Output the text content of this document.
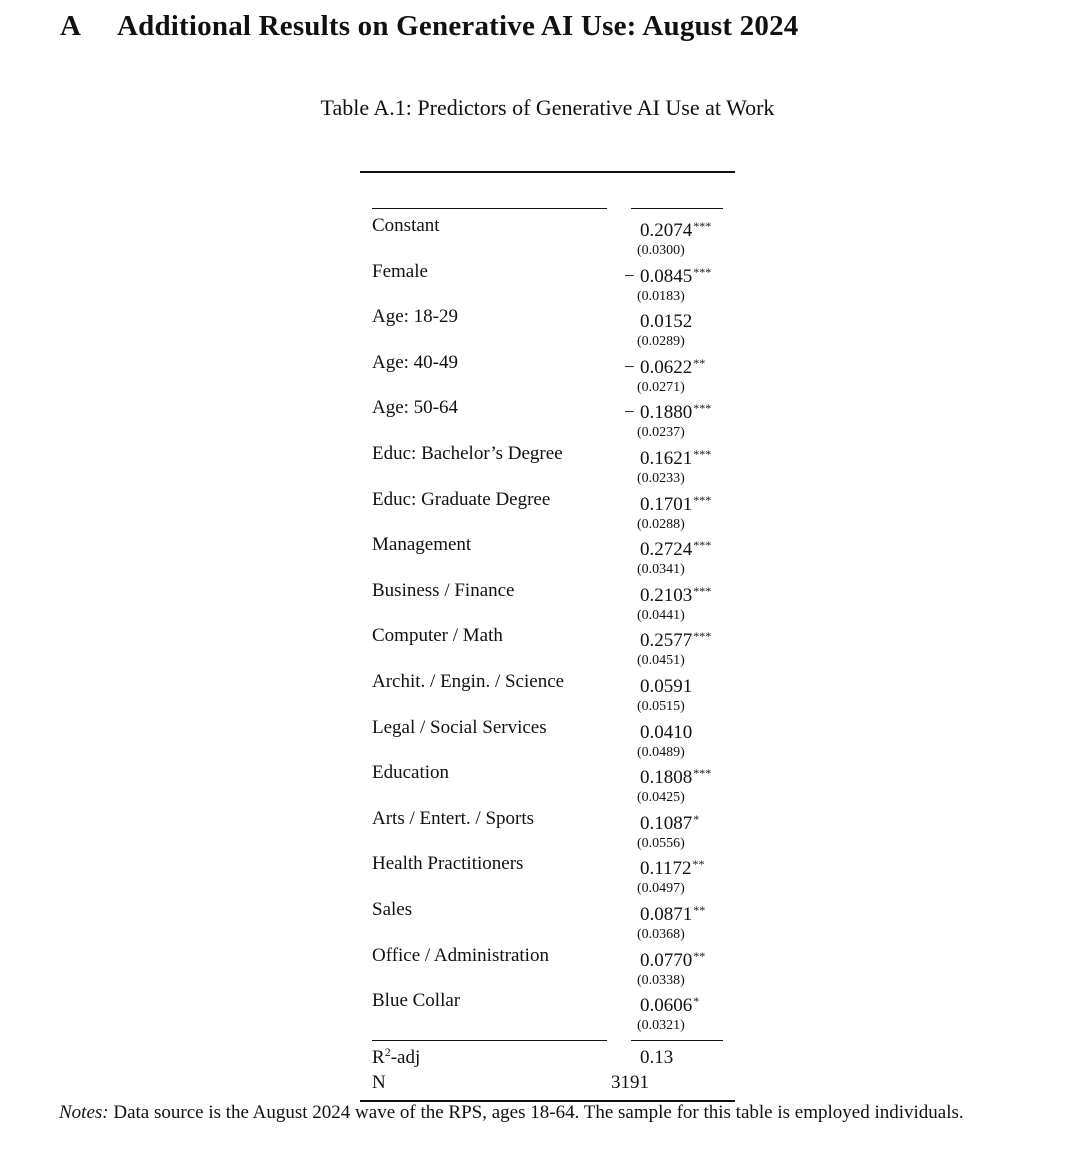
A Additional Results on Generative AI Use: August 2024
Table A.1: Predictors of Generative AI Use at Work
Constant	0.2074***
(0.0300)
Female	− 0.0845***
(0.0183)
Age: 18-29	0.0152
(0.0289)
Age: 40-49	− 0.0622**
(0.0271)
Age: 50-64	− 0.1880***
(0.0237)
Educ: Bachelor’s Degree	0.1621***
(0.0233)
Educ: Graduate Degree	0.1701***
(0.0288)
Management	0.2724***
(0.0341)
Business / Finance	0.2103***
(0.0441)
Computer / Math	0.2577***
(0.0451)
Archit. / Engin. / Science	0.0591
(0.0515)
Legal / Social Services	0.0410
(0.0489)
Education	0.1808***
(0.0425)
Arts / Entert. / Sports	0.1087*
(0.0556)
Health Practitioners	0.1172**
(0.0497)
Sales	0.0871**
(0.0368)
Office / Administration	0.0770**
(0.0338)
Blue Collar	0.0606*
(0.0321)
$R^2$-adj	0.13
N	3191
Notes: Data source is the August 2024 wave of the RPS, ages 18-64. The sample for this table is employed individuals.
